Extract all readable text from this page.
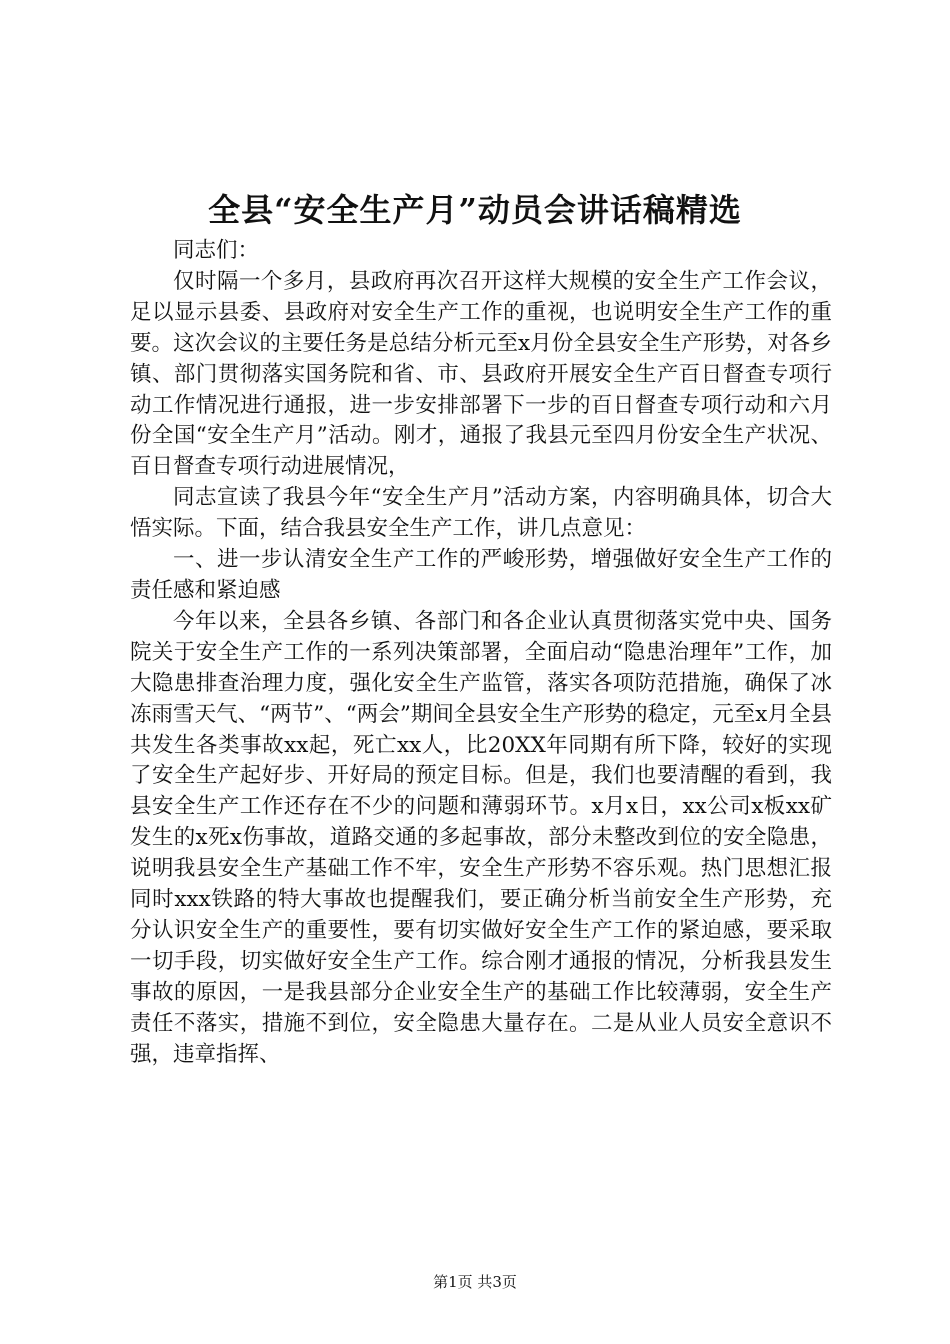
全县“安全生产月”动员会讲话稿精选

同志们：

仅时隔一个多月，县政府再次召开这样大规模的安全生产工作会议，足以显示县委、县政府对安全生产工作的重视，也说明安全生产工作的重要。这次会议的主要任务是总结分析元至x月份全县安全生产形势，对各乡镇、部门贯彻落实国务院和省、市、县政府开展安全生产百日督查专项行动工作情况进行通报，进一步安排部署下一步的百日督查专项行动和六月份全国“安全生产月”活动。刚才，通报了我县元至四月份安全生产状况、百日督查专项行动进展情况，

同志宣读了我县今年“安全生产月”活动方案，内容明确具体，切合大悟实际。下面，结合我县安全生产工作，讲几点意见：

一、进一步认清安全生产工作的严峻形势，增强做好安全生产工作的责任感和紧迫感

今年以来，全县各乡镇、各部门和各企业认真贯彻落实党中央、国务院关于安全生产工作的一系列决策部署，全面启动“隐患治理年”工作，加大隐患排查治理力度，强化安全生产监管，落实各项防范措施，确保了冰冻雨雪天气、“两节”、“两会”期间全县安全生产形势的稳定，元至x月全县共发生各类事故xx起，死亡xx人，比20XX年同期有所下降，较好的实现了安全生产起好步、开好局的预定目标。但是，我们也要清醒的看到，我县安全生产工作还存在不少的问题和薄弱环节。x月x日，xx公司x板xx矿发生的x死x伤事故，道路交通的多起事故，部分未整改到位的安全隐患，说明我县安全生产基础工作不牢，安全生产形势不容乐观。热门思想汇报同时xxx铁路的特大事故也提醒我们，要正确分析当前安全生产形势，充分认识安全生产的重要性，要有切实做好安全生产工作的紧迫感，要采取一切手段，切实做好安全生产工作。综合刚才通报的情况，分析我县发生事故的原因，一是我县部分企业安全生产的基础工作比较薄弱，安全生产责任不落实，措施不到位，安全隐患大量存在。二是从业人员安全意识不强，违章指挥、

第1页 共3页
